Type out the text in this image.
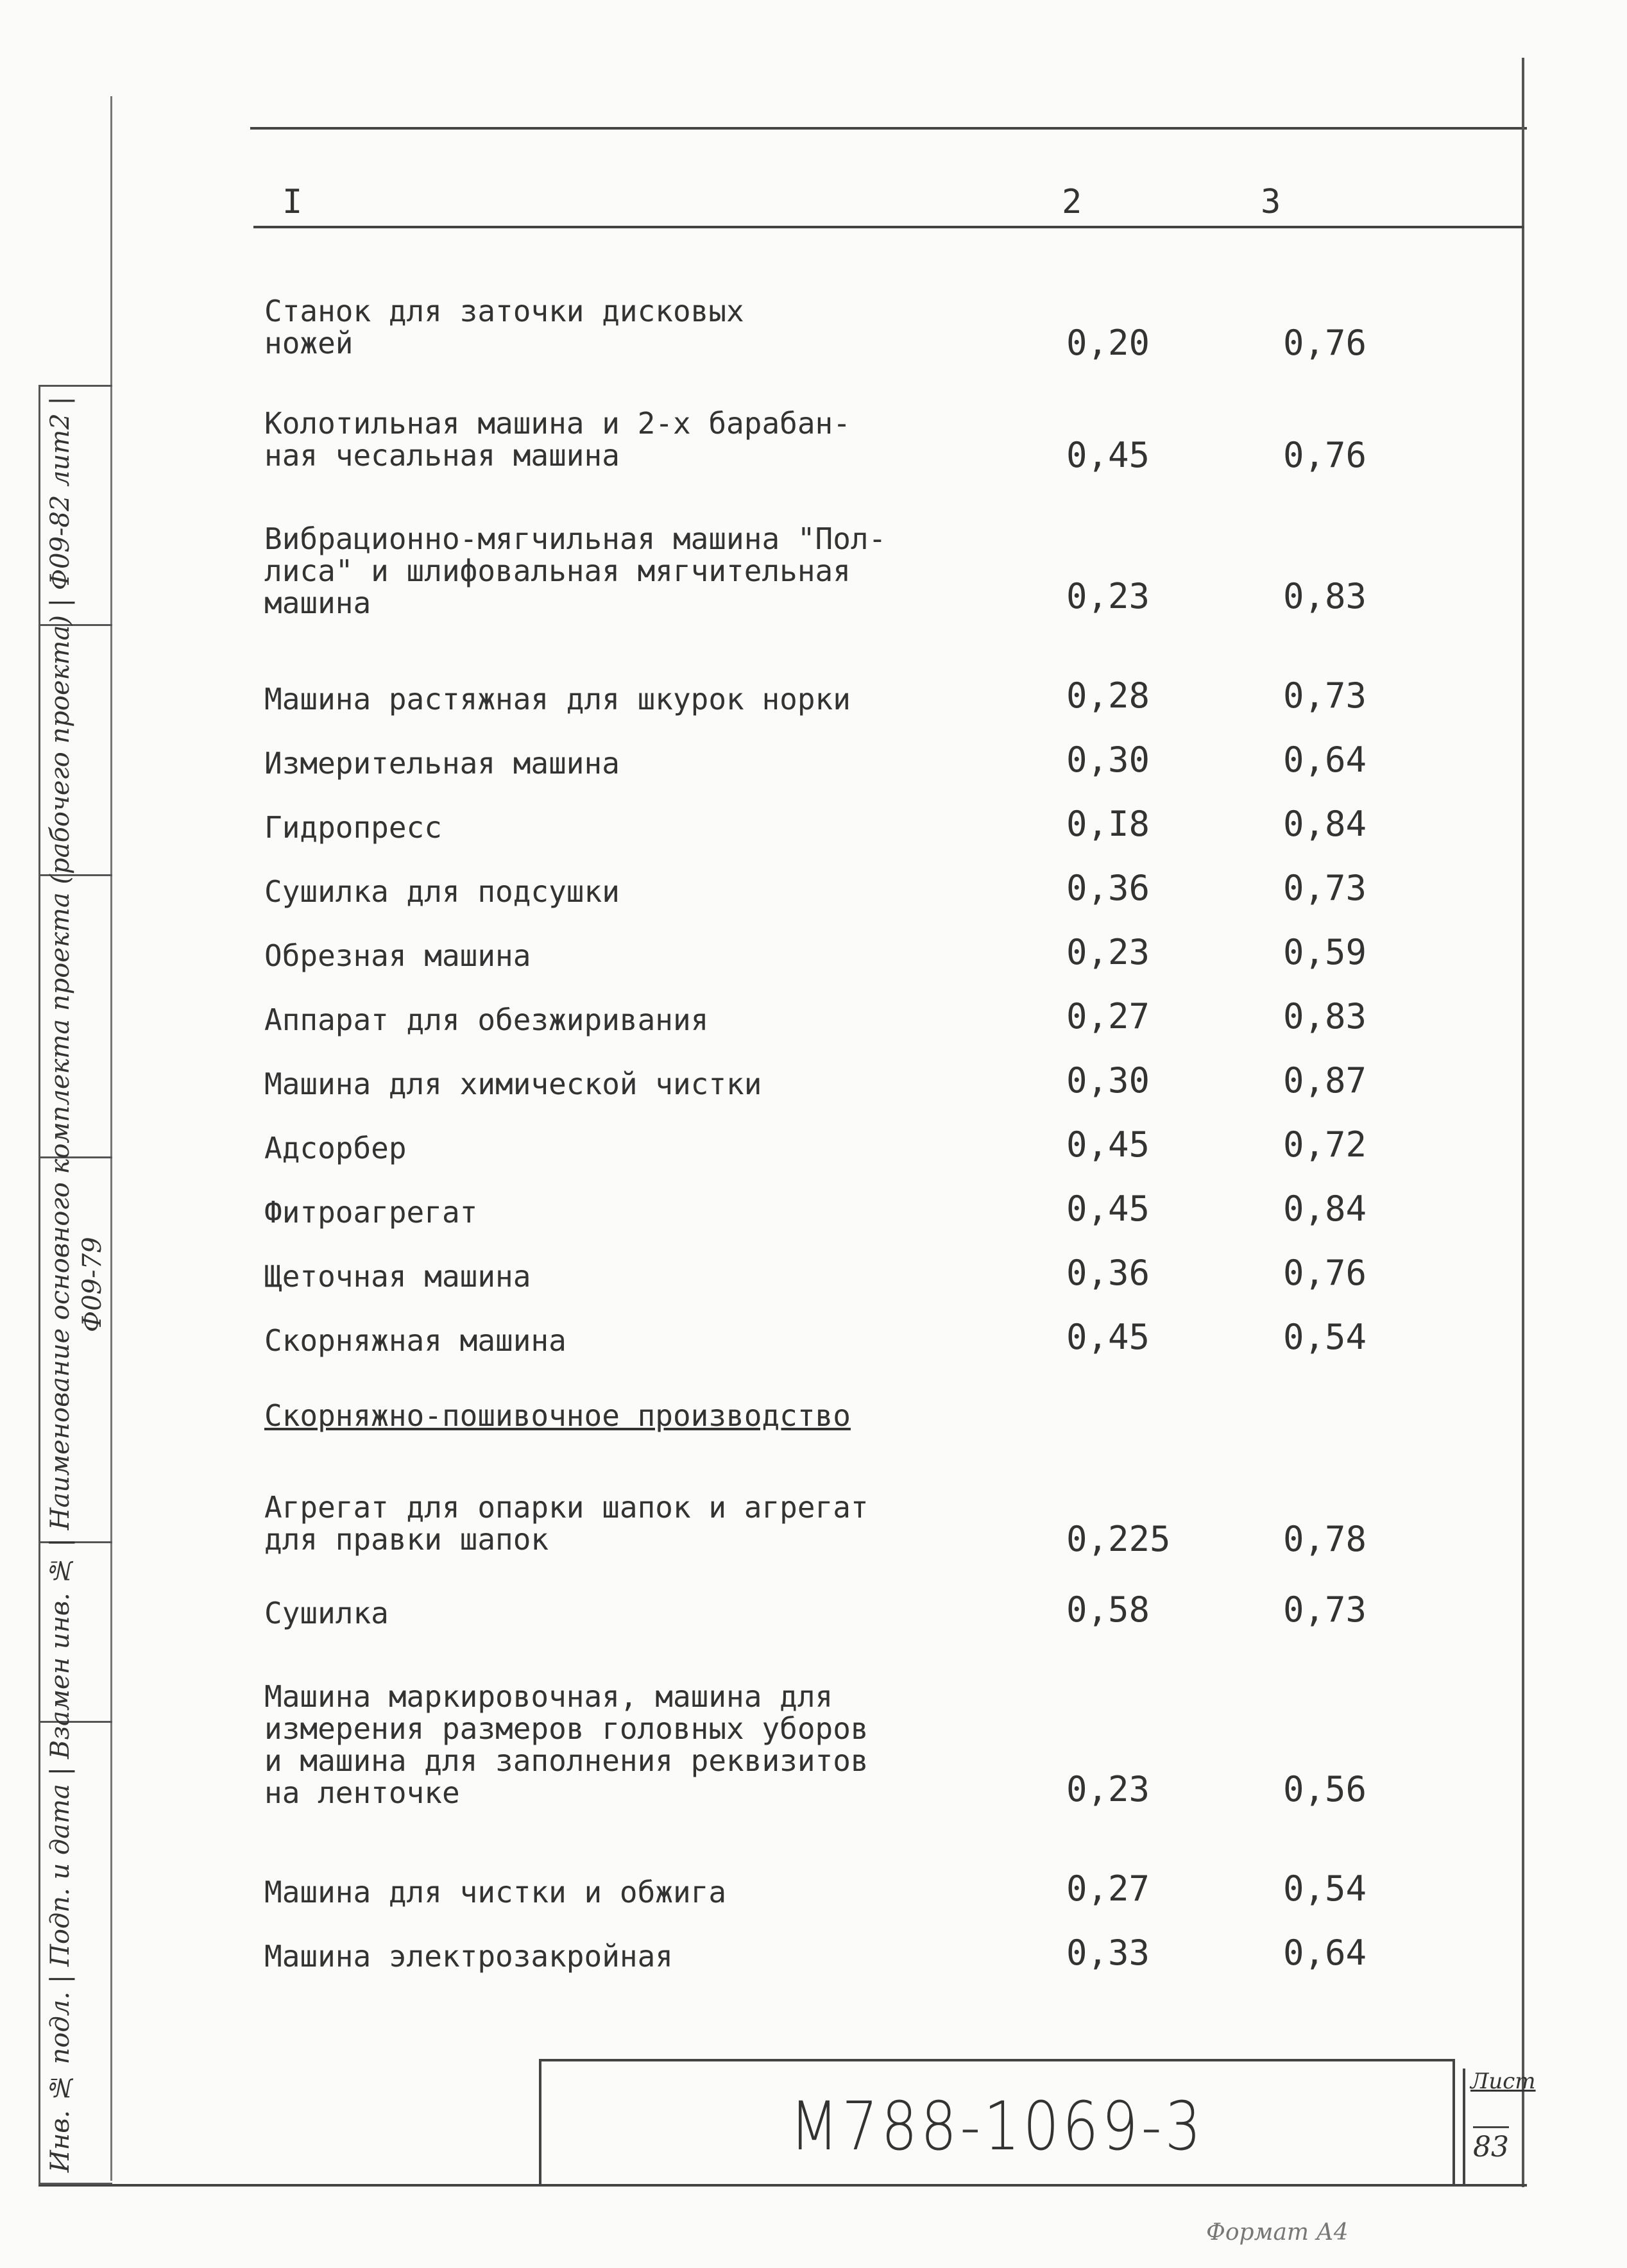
Инв. № подл. | Подп. и дата | Взамен инв. № | Наименование основного комплекта проекта (рабочего проекта) | Ф09-82 лит2 | Ф09-79
I	2	3
Станок для заточки дисковых
ножей	0,20	0,76
Колотильная машина и 2-х барабан-
ная чесальная машина	0,45	0,76
Вибрационно-мягчильная машина "Пол-
лиса" и шлифовальная мягчительная
машина	0,23	0,83
Машина растяжная для шкурок норки	0,28	0,73
Измерительная машина	0,30	0,64
Гидропресс	0,I8	0,84
Сушилка для подсушки	0,36	0,73
Обрезная машина	0,23	0,59
Аппарат для обезжиривания	0,27	0,83
Машина для химической чистки	0,30	0,87
Адсорбер	0,45	0,72
Фитроагрегат	0,45	0,84
Щеточная машина	0,36	0,76
Скорняжная машина	0,45	0,54
Скорняжно-пошивочное производство
Агрегат для опарки шапок и агрегат
для правки шапок	0,225	0,78
Сушилка	0,58	0,73
Машина маркировочная, машина для
измерения размеров головных уборов
и машина для заполнения реквизитов
на ленточке	0,23	0,56
Машина для чистки и обжига	0,27	0,54
Машина электрозакройная	0,33	0,64
M788-1069-3
Лист
83
Формат А4
